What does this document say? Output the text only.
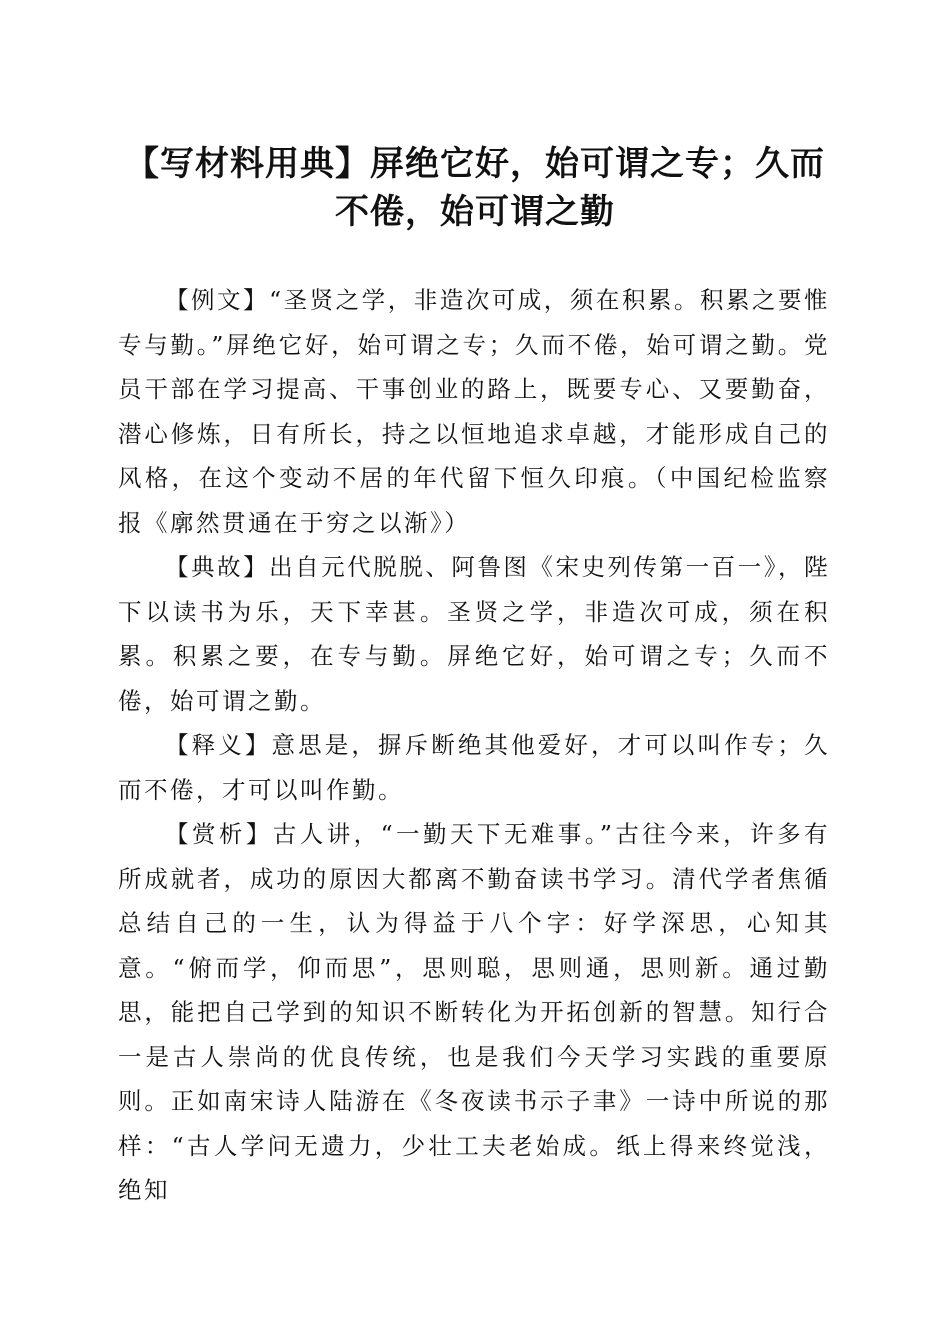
【写材料用典】屏绝它好，始可谓之专；久而
不倦，始可谓之勤

【例文】“圣贤之学，非造次可成，须在积累。积累之要惟专与勤。”屏绝它好，始可谓之专；久而不倦，始可谓之勤。党员干部在学习提高、干事创业的路上，既要专心、又要勤奋，潜心修炼，日有所长，持之以恒地追求卓越，才能形成自己的风格，在这个变动不居的年代留下恒久印痕。（中国纪检监察报《廓然贯通在于穷之以渐》）

【典故】出自元代脱脱、阿鲁图《宋史列传第一百一》，陛下以读书为乐，天下幸甚。圣贤之学，非造次可成，须在积累。积累之要，在专与勤。屏绝它好，始可谓之专；久而不倦，始可谓之勤。

【释义】意思是，摒斥断绝其他爱好，才可以叫作专；久而不倦，才可以叫作勤。

【赏析】古人讲，“一勤天下无难事。”古往今来，许多有所成就者，成功的原因大都离不勤奋读书学习。清代学者焦循总结自己的一生，认为得益于八个字：好学深思，心知其意。“俯而学，仰而思”，思则聪，思则通，思则新。通过勤思，能把自己学到的知识不断转化为开拓创新的智慧。知行合一是古人崇尚的优良传统，也是我们今天学习实践的重要原则。正如南宋诗人陆游在《冬夜读书示子聿》一诗中所说的那样：“古人学问无遗力，少壮工夫老始成。纸上得来终觉浅，绝知
